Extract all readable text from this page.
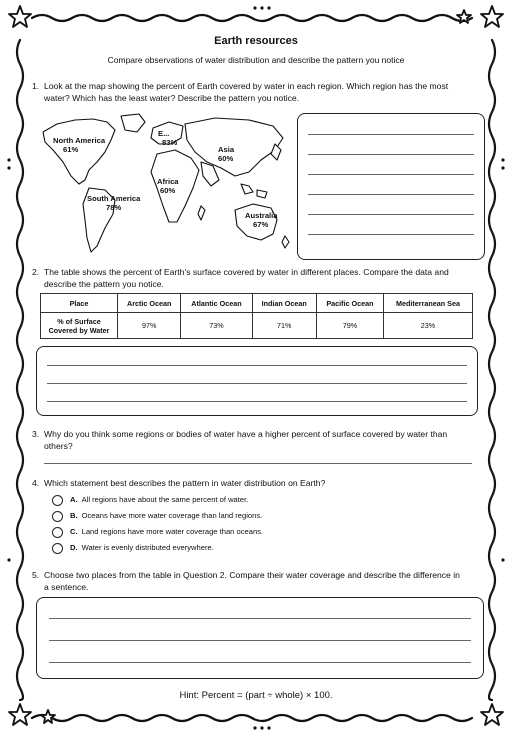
Earth resources
Compare observations of water distribution and describe the pattern you notice
1. Look at the map showing the percent of Earth covered by water in each region. Which region has the most water? Which has the least water? Describe the pattern you notice.
North America
61%	Asia
60%
Africa
60%
South America
78%
Australia
67%
E...
83%
2. The table shows the percent of Earth’s surface covered by water in different places. Compare the data and describe the pattern you notice.
Place	Arctic Ocean	Atlantic Ocean	Indian Ocean	Pacific Ocean	Mediterranean Sea
% of Surface Covered by Water	97%	73%	71%	79%	23%
3. Why do you think some regions or bodies of water have a higher percent of surface covered by water than others?
4. Which statement best describes the pattern in water distribution on Earth?
A. All regions have about the same percent of water.
B. Oceans have more water coverage than land regions.
C. Land regions have more water coverage than oceans.
D. Water is evenly distributed everywhere.
5. Choose two places from the table in Question 2. Compare their water coverage and describe the difference in a sentence.
Hint: Percent = (part ÷ whole) × 100.
